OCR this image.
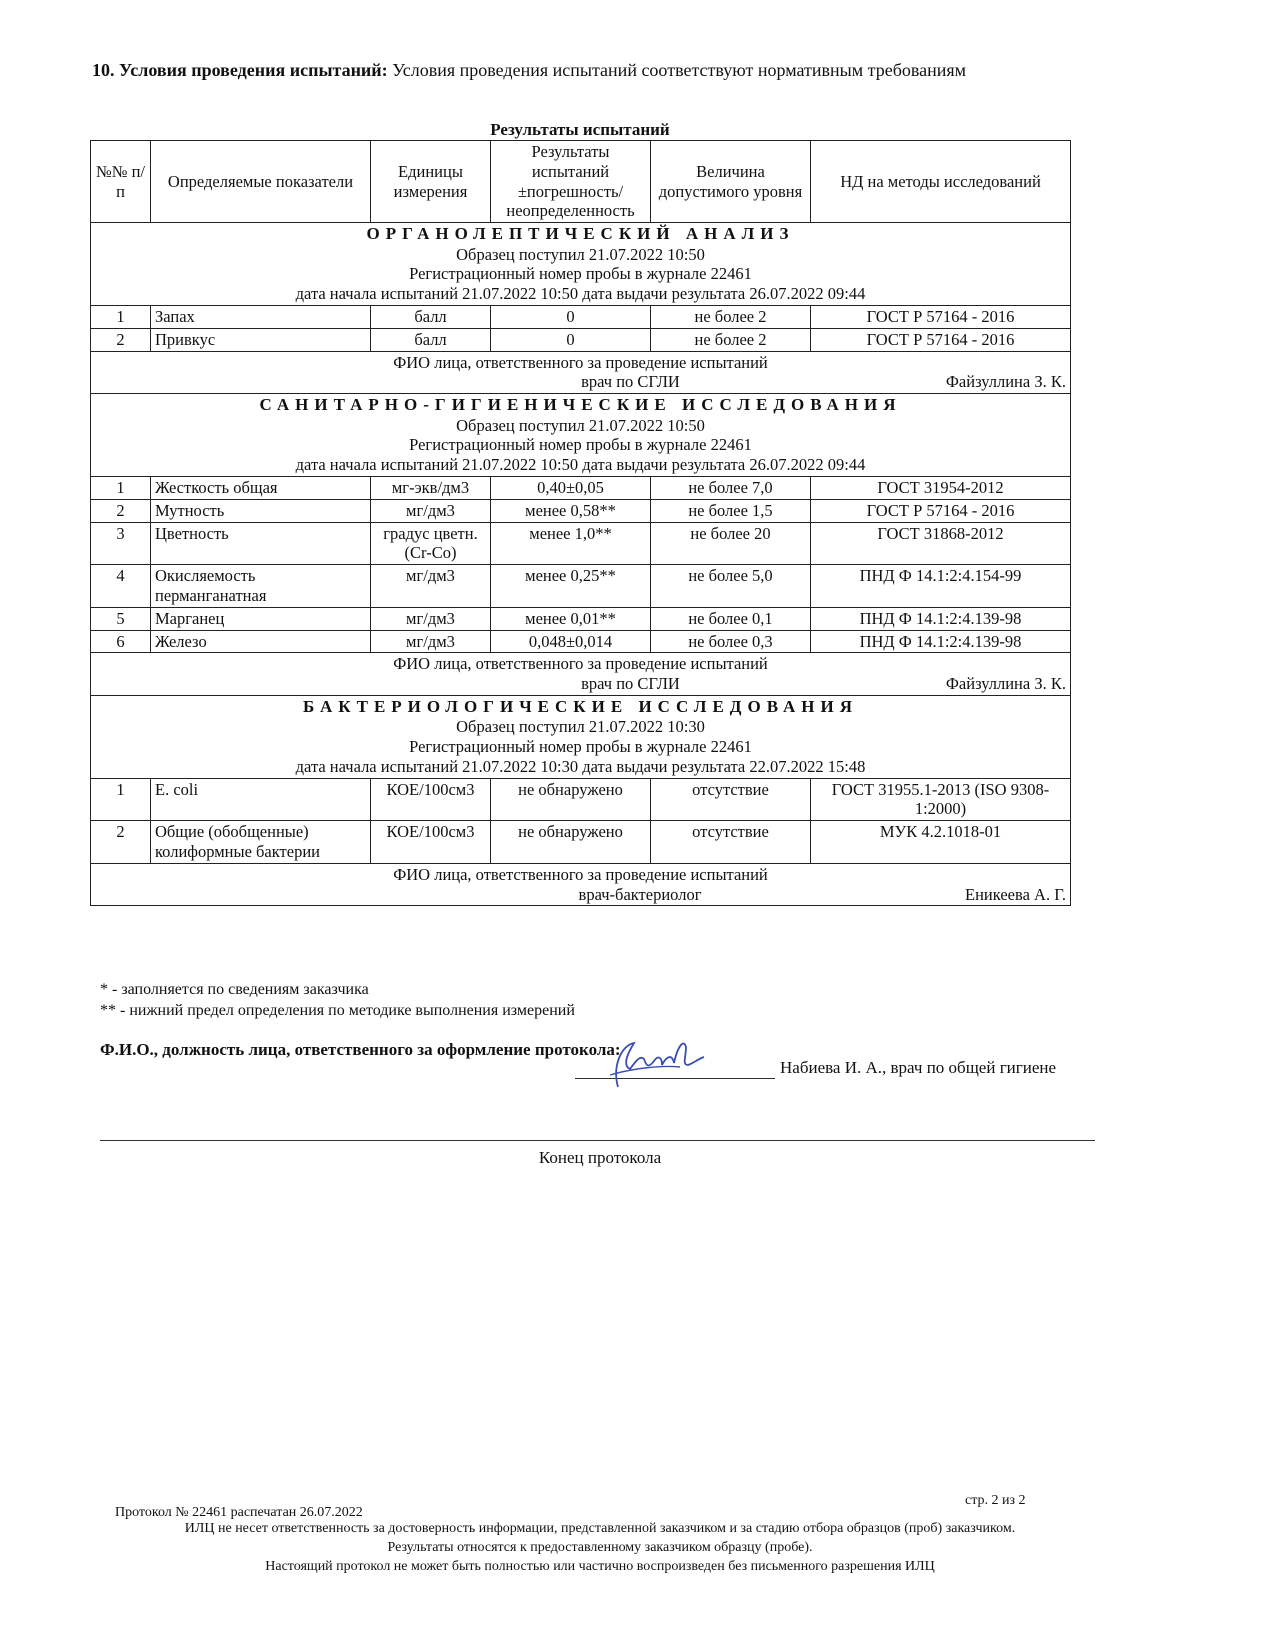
10. Условия проведения испытаний: Условия проведения испытаний соответствуют нормативным требованиям
Результаты испытаний
№№ п/п	Определяемые показатели	Единицы измерения	Результаты испытаний ±погрешность/ неопределенность	Величина допустимого уровня	НД на методы исследований

ОРГАНОЛЕПТИЧЕСКИЙ АНАЛИЗ
Образец поступил 21.07.2022 10:50
Регистрационный номер пробы в журнале 22461
дата начала испытаний 21.07.2022 10:50 дата выдачи результата 26.07.2022 09:44					

1	Запах	балл	0	не более 2	ГОСТ Р 57164 - 2016
2	Привкус	балл	0	не более 2	ГОСТ Р 57164 - 2016

ФИО лица, ответственного за проведение испытаний
врач по СГЛИ Файзуллина З. К.					

САНИТАРНО-ГИГИЕНИЧЕСКИЕ ИССЛЕДОВАНИЯ
Образец поступил 21.07.2022 10:50
Регистрационный номер пробы в журнале 22461
дата начала испытаний 21.07.2022 10:50 дата выдачи результата 26.07.2022 09:44					

1	Жесткость общая	мг-экв/дм3	0,40±0,05	не более 7,0	ГОСТ 31954-2012
2	Мутность	мг/дм3	менее 0,58**	не более 1,5	ГОСТ Р 57164 - 2016
3	Цветность	градус цветн.(Cr-Co)	менее 1,0**	не более 20	ГОСТ 31868-2012
4	Окисляемость перманганатная	мг/дм3	менее 0,25**	не более 5,0	ПНД Ф 14.1:2:4.154-99
5	Марганец	мг/дм3	менее 0,01**	не более 0,1	ПНД Ф 14.1:2:4.139-98
6	Железо	мг/дм3	0,048±0,014	не более 0,3	ПНД Ф 14.1:2:4.139-98

ФИО лица, ответственного за проведение испытаний
врач по СГЛИ Файзуллина З. К.					

БАКТЕРИОЛОГИЧЕСКИЕ ИССЛЕДОВАНИЯ
Образец поступил 21.07.2022 10:30
Регистрационный номер пробы в журнале 22461
дата начала испытаний 21.07.2022 10:30 дата выдачи результата 22.07.2022 15:48					

1	E. coli	КОЕ/100см3	не обнаружено	отсутствие	ГОСТ 31955.1-2013 (ISO 9308-1:2000)
2	Общие (обобщенные) колиформные бактерии	КОЕ/100см3	не обнаружено	отсутствие	МУК 4.2.1018-01

ФИО лица, ответственного за проведение испытаний
врач-бактериолог Еникеева А. Г.					
* - заполняется по сведениям заказчика
** - нижний предел определения по методике выполнения измерений
Ф.И.О., должность лица, ответственного за оформление протокола:
Набиева И. А., врач по общей гигиене
Конец протокола
Протокол № 22461 распечатан 26.07.2022
стр. 2 из 2
ИЛЦ не несет ответственность за достоверность информации, представленной заказчиком и за стадию отбора образцов (проб) заказчиком.
Результаты относятся к предоставленному заказчиком образцу (пробе).
Настоящий протокол не может быть полностью или частично воспроизведен без письменного разрешения ИЛЦ
